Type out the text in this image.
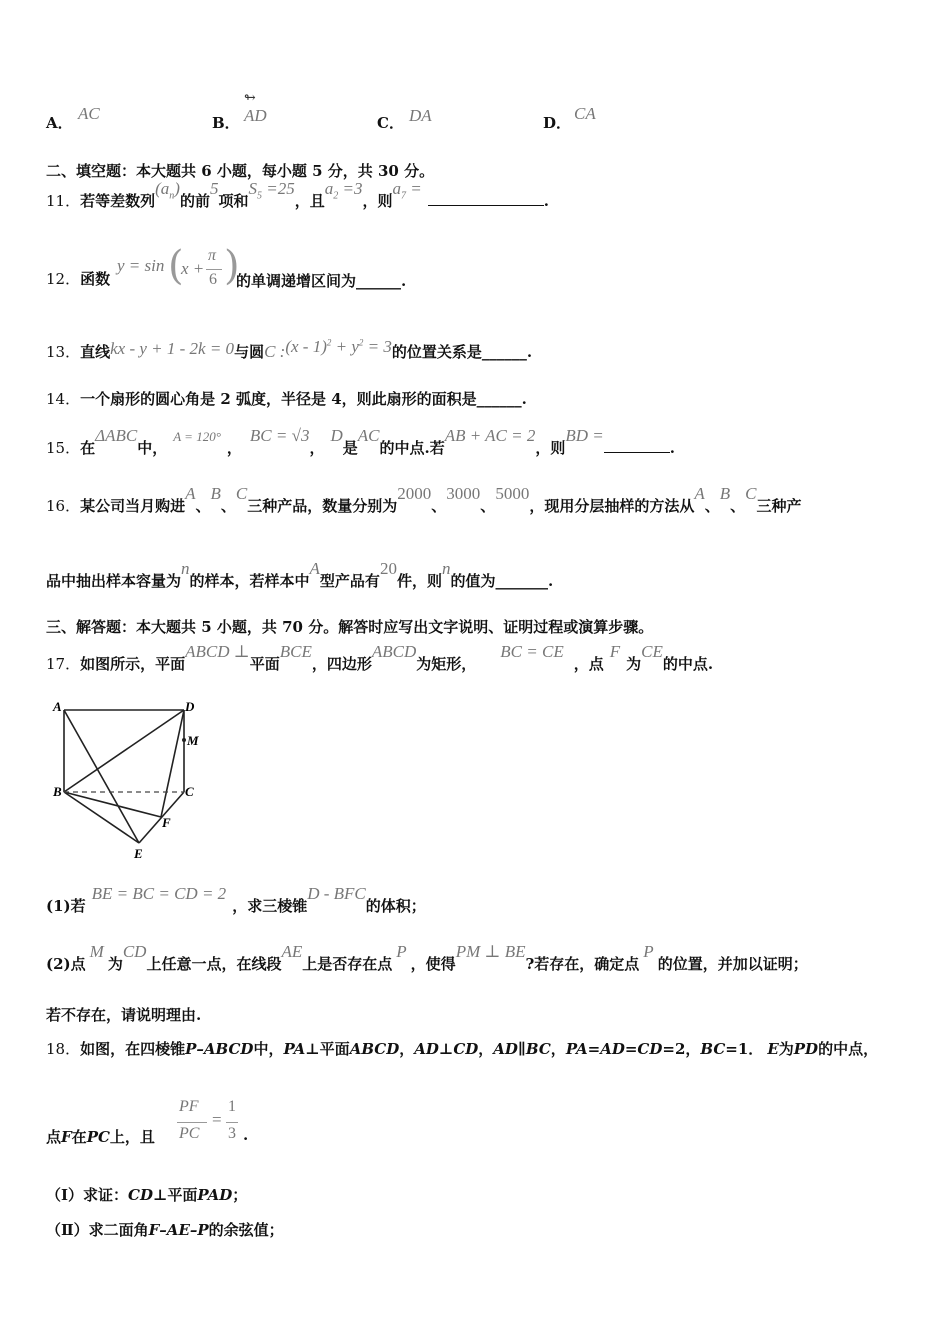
A． AC	B．
↬
AD	C． DA	D． CA
二、填空题：本大题共 6 小题，每小题 5 分，共 30 分。
11．若等差数列$(a_n)$的前5项和$S_5 =25$，且$a_2 =3$，则$a_7$ =.
12．函数
y = sin (
x +
π
6 )
的单调递增区间为______.
13．直线kx - y + 1 - 2k = 0与圆C :(x - $1)^2 + y^2 = 3$的位置关系是______.
14．一个扇形的圆心角是 2 弧度，半径是 4，则此扇形的面积是______.
15．在ΔABC中，A = 120°，BC = √3，D是AC的中点.若AB + AC = 2，则BD =.
16．某公司当月购进A、B、C三种产品，数量分别为2000、3000、5000，现用分层抽样的方法从A、B、C三种产
品中抽出样本容量为n的样本，若样本中A型产品有20件，则n的值为_______.
三、解答题：本大题共 5 小题，共 70 分。解答时应写出文字说明、证明过程或演算步骤。
17．如图所示，平面ABCD ⊥平面BCE，四边形ABCD为矩形，BC = CE，点F为CE的中点.
A	D
M
B	C
F
E
(1)若BE = BC = CD = 2，求三棱锥D - BFC的体积；
(2)点M为CD上任意一点，在线段AE上是否存在点P，使得PM ⊥ BE?若存在，确定点P的位置，并加以证明；
若不存在，请说明理由.
18．如图，在四棱锥P–ABCD中，PA⊥平面ABCD，AD⊥CD，AD∥BC，PA=AD=CD=2，BC=1． E为PD的中点，
点F在PC上，且
PF
PC
=
1
3 .
（Ⅰ）求证：CD⊥平面PAD；
（Ⅱ）求二面角F–AE–P的余弦值；
